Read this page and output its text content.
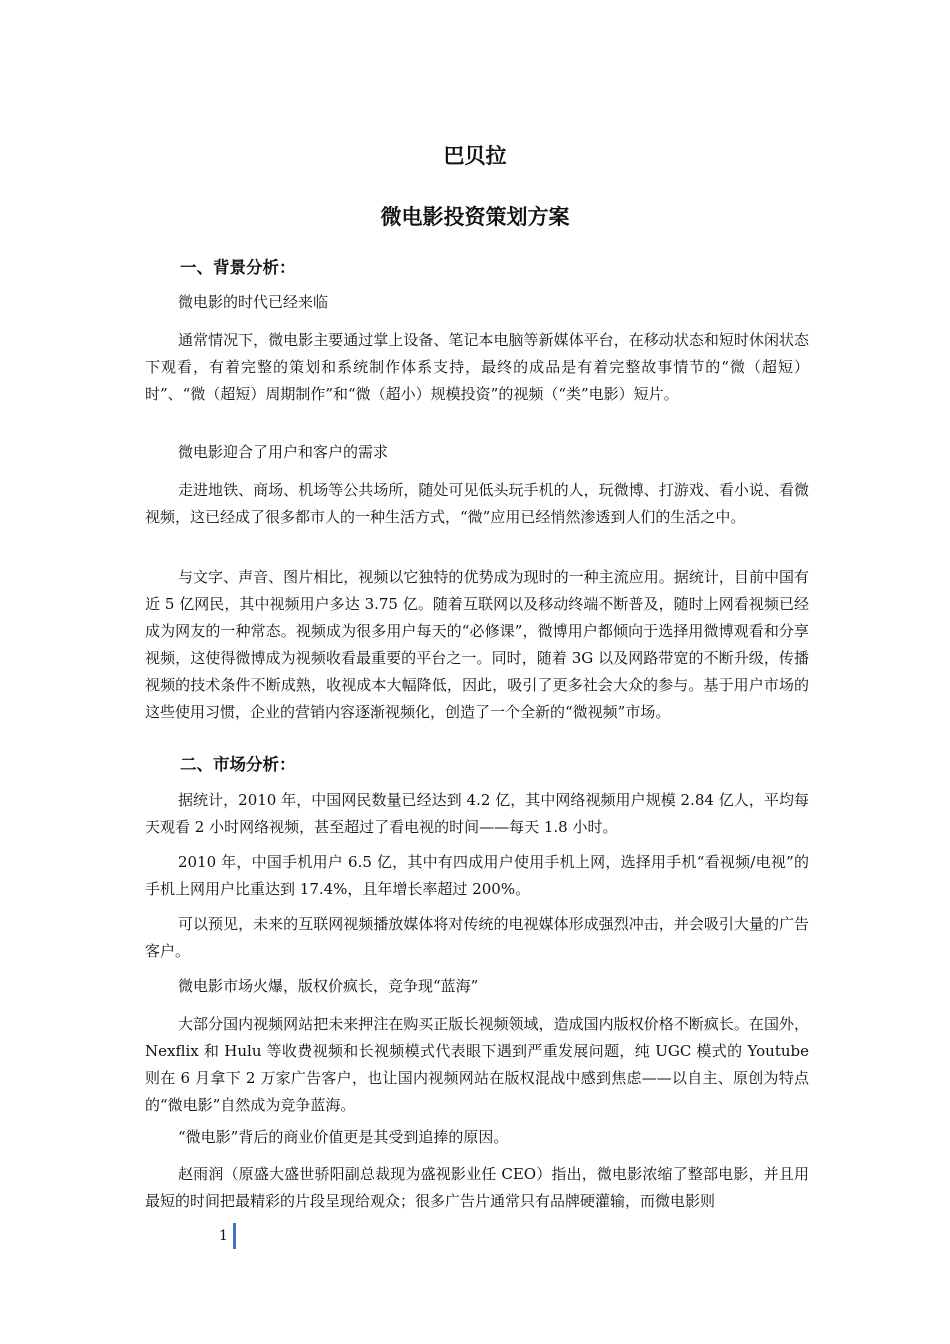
巴贝拉
微电影投资策划方案
一、背景分析：

微电影的时代已经来临

通常情况下，微电影主要通过掌上设备、笔记本电脑等新媒体平台，在移动状态和短时休闲状态下观看，有着完整的策划和系统制作体系支持，最终的成品是有着完整故事情节的“微（超短）时”、“微（超短）周期制作”和“微（超小）规模投资”的视频（“类”电影）短片。

微电影迎合了用户和客户的需求

走进地铁、商场、机场等公共场所，随处可见低头玩手机的人，玩微博、打游戏、看小说、看微视频，这已经成了很多都市人的一种生活方式，“微”应用已经悄然渗透到人们的生活之中。

与文字、声音、图片相比，视频以它独特的优势成为现时的一种主流应用。据统计，目前中国有近 5 亿网民，其中视频用户多达 3.75 亿。随着互联网以及移动终端不断普及，随时上网看视频已经成为网友的一种常态。视频成为很多用户每天的“必修课”，微博用户都倾向于选择用微博观看和分享视频，这使得微博成为视频收看最重要的平台之一。同时，随着 3G 以及网路带宽的不断升级，传播视频的技术条件不断成熟，收视成本大幅降低，因此，吸引了更多社会大众的参与。基于用户市场的这些使用习惯，企业的营销内容逐渐视频化，创造了一个全新的“微视频”市场。

二、市场分析：

据统计，2010 年，中国网民数量已经达到 4.2 亿，其中网络视频用户规模 2.84 亿人，平均每天观看 2 小时网络视频，甚至超过了看电视的时间——每天 1.8 小时。

2010 年，中国手机用户 6.5 亿，其中有四成用户使用手机上网，选择用手机“看视频/电视”的手机上网用户比重达到 17.4%，且年增长率超过 200%。

可以预见，未来的互联网视频播放媒体将对传统的电视媒体形成强烈冲击，并会吸引大量的广告客户。

微电影市场火爆，版权价疯长，竞争现“蓝海”

大部分国内视频网站把未来押注在购买正版长视频领域，造成国内版权价格不断疯长。在国外，Nexflix 和 Hulu 等收费视频和长视频模式代表眼下遇到严重发展问题，纯 UGC 模式的 Youtube 则在 6 月拿下 2 万家广告客户，也让国内视频网站在版权混战中感到焦虑——以自主、原创为特点的“微电影”自然成为竞争蓝海。

“微电影”背后的商业价值更是其受到追捧的原因。

赵雨润（原盛大盛世骄阳副总裁现为盛视影业任 CEO）指出，微电影浓缩了整部电影，并且用最短的时间把最精彩的片段呈现给观众；很多广告片通常只有品牌硬灌输，而微电影则

1
